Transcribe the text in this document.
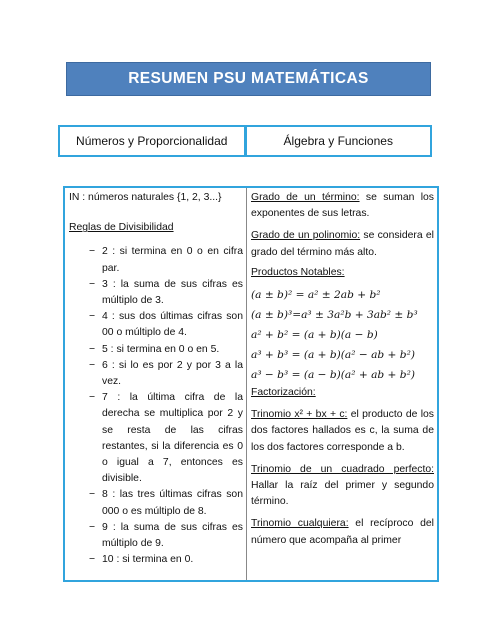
RESUMEN PSU MATEMÁTICAS
Números y Proporcionalidad	Álgebra y Funciones
IN : números naturales {1, 2, 3...}
Reglas de Divisibilidad
− 2 : si termina en 0 o en cifra par.
− 3 : la suma de sus cifras es múltiplo de 3.
− 4 : sus dos últimas cifras son 00 o múltiplo de 4.
− 5 : si termina en 0 o en 5.
− 6 : si lo es por 2 y por 3 a la vez.
− 7 : la última cifra de la derecha se multiplica por 2 y se resta de las cifras restantes, si la diferencia es 0 o igual a 7, entonces es divisible.
− 8 : las tres últimas cifras son 000 o es múltiplo de 8.
− 9 : la suma de sus cifras es múltiplo de 9.
− 10 : si termina en 0.
Grado de un término: se suman los exponentes de sus letras.
Grado de un polinomio: se considera el grado del término más alto.
Productos Notables:
(a ± b)² = a² ± 2ab + b²
(a ± b)³=a³ ± 3a²b + 3ab² ± b³
a² + b² = (a + b)(a − b)
a³ + b³ = (a + b)(a² − ab + b²)
a³ − b³ = (a − b)(a² + ab + b²)
Factorización:

Trinomio x² + bx + c: el producto de los dos factores hallados es c, la suma de los dos factores corresponde a b.

Trinomio de un cuadrado perfecto: Hallar la raíz del primer y segundo término.

Trinomio cualquiera: el recíproco del número que acompaña al primer
